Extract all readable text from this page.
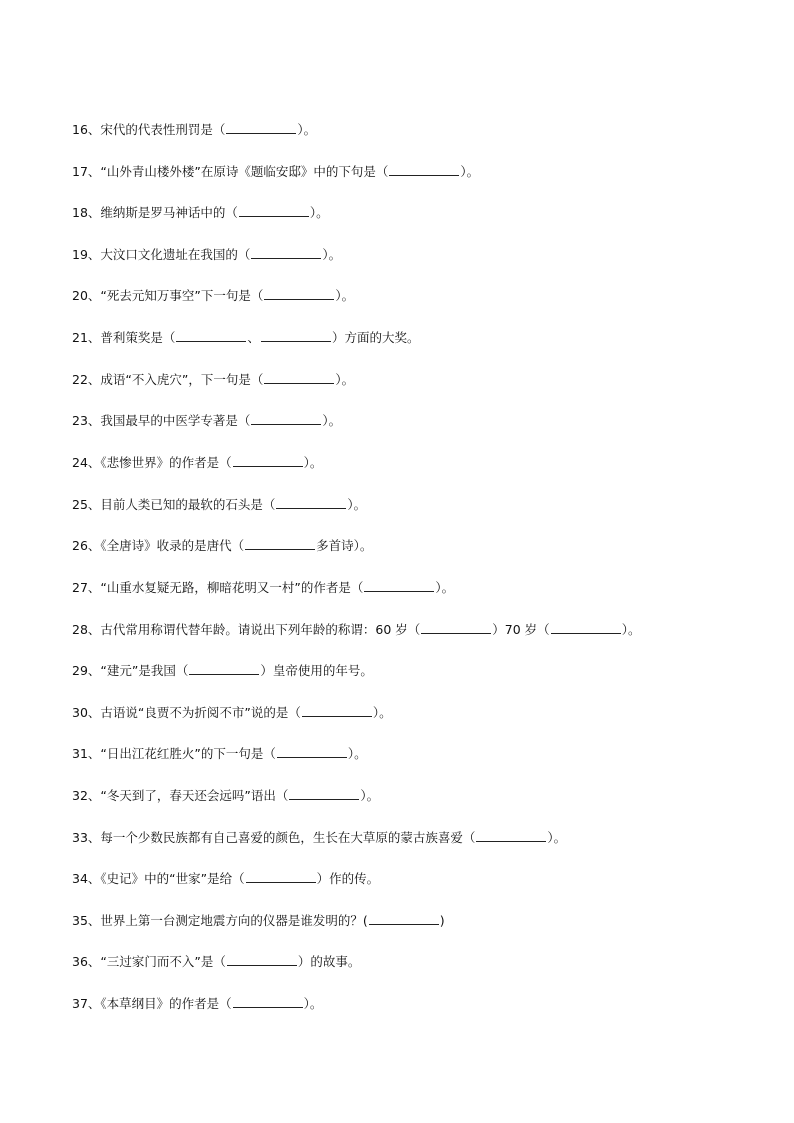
16、宋代的代表性刑罚是（	）。
17、“山外青山楼外楼”在原诗《题临安邸》中的下句是（	）。
18、维纳斯是罗马神话中的（	）。
19、大汶口文化遗址在我国的（	）。
20、“死去元知万事空”下一句是（	）。
21、普利策奖是（	、	）方面的大奖。
22、成语“不入虎穴”，下一句是（	）。
23、我国最早的中医学专著是（	）。
24、《悲惨世界》的作者是（	）。
25、目前人类已知的最软的石头是（	）。
26、《全唐诗》收录的是唐代（	多首诗）。
27、“山重水复疑无路，柳暗花明又一村”的作者是（	）。
28、古代常用称谓代替年龄。请说出下列年龄的称谓：60 岁（	）70 岁（	）。
29、“建元”是我国（	）皇帝使用的年号。
30、古语说“良贾不为折阅不市”说的是（	）。
31、“日出江花红胜火”的下一句是（	）。
32、“冬天到了，春天还会远吗”语出（	）。
33、每一个少数民族都有自己喜爱的颜色，生长在大草原的蒙古族喜爱（	）。
34、《史记》中的“世家”是给（	）作的传。
35、世界上第一台测定地震方向的仪器是谁发明的？(	)
36、“三过家门而不入”是（	）的故事。
37、《本草纲目》的作者是（	）。
